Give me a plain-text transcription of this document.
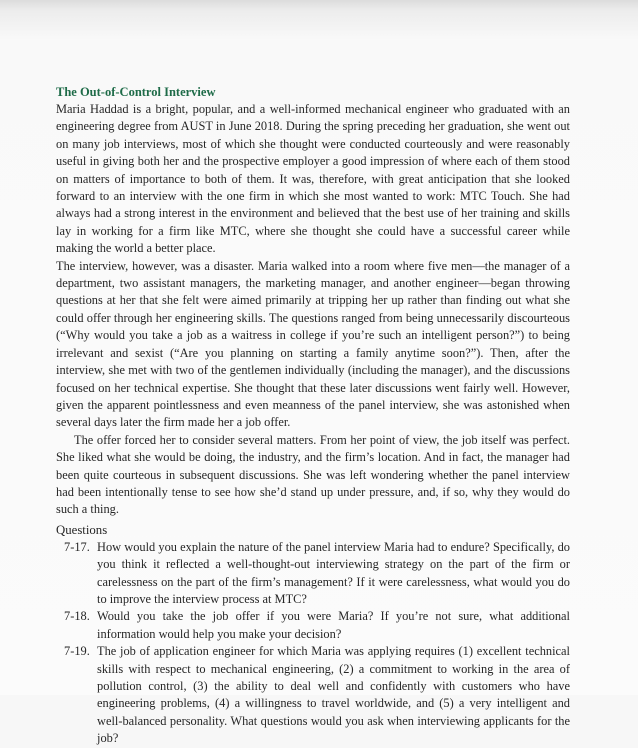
The Out-of-Control Interview

Maria Haddad is a bright, popular, and a well-informed mechanical engineer who graduated with an engineering degree from AUST in June 2018. During the spring preceding her graduation, she went out on many job interviews, most of which she thought were conducted courteously and were reasonably useful in giving both her and the prospective employer a good impression of where each of them stood on matters of importance to both of them. It was, therefore, with great anticipation that she looked forward to an interview with the one firm in which she most wanted to work: MTC Touch. She had always had a strong interest in the environment and believed that the best use of her training and skills lay in working for a firm like MTC, where she thought she could have a successful career while making the world a better place.

The interview, however, was a disaster. Maria walked into a room where five men—the manager of a department, two assistant managers, the marketing manager, and another engineer—began throwing questions at her that she felt were aimed primarily at tripping her up rather than finding out what she could offer through her engineering skills. The questions ranged from being unnecessarily discourteous (“Why would you take a job as a waitress in college if you’re such an intelligent person?”) to being irrelevant and sexist (“Are you planning on starting a family anytime soon?”). Then, after the interview, she met with two of the gentlemen individually (including the manager), and the discussions focused on her technical expertise. She thought that these later discussions went fairly well. However, given the apparent pointlessness and even meanness of the panel interview, she was astonished when several days later the firm made her a job offer.

The offer forced her to consider several matters. From her point of view, the job itself was perfect. She liked what she would be doing, the industry, and the firm’s location. And in fact, the manager had been quite courteous in subsequent discussions. She was left wondering whether the panel interview had been intentionally tense to see how she’d stand up under pressure, and, if so, why they would do such a thing.

Questions

7-17. How would you explain the nature of the panel interview Maria had to endure? Specifically, do you think it reflected a well-thought-out interviewing strategy on the part of the firm or carelessness on the part of the firm’s management? If it were carelessness, what would you do to improve the interview process at MTC?
7-18. Would you take the job offer if you were Maria? If you’re not sure, what additional information would help you make your decision?
7-19. The job of application engineer for which Maria was applying requires (1) excellent technical skills with respect to mechanical engineering, (2) a commitment to working in the area of pollution control, (3) the ability to deal well and confidently with customers who have engineering problems, (4) a willingness to travel worldwide, and (5) a very intelligent and well-balanced personality. What questions would you ask when interviewing applicants for the job?
